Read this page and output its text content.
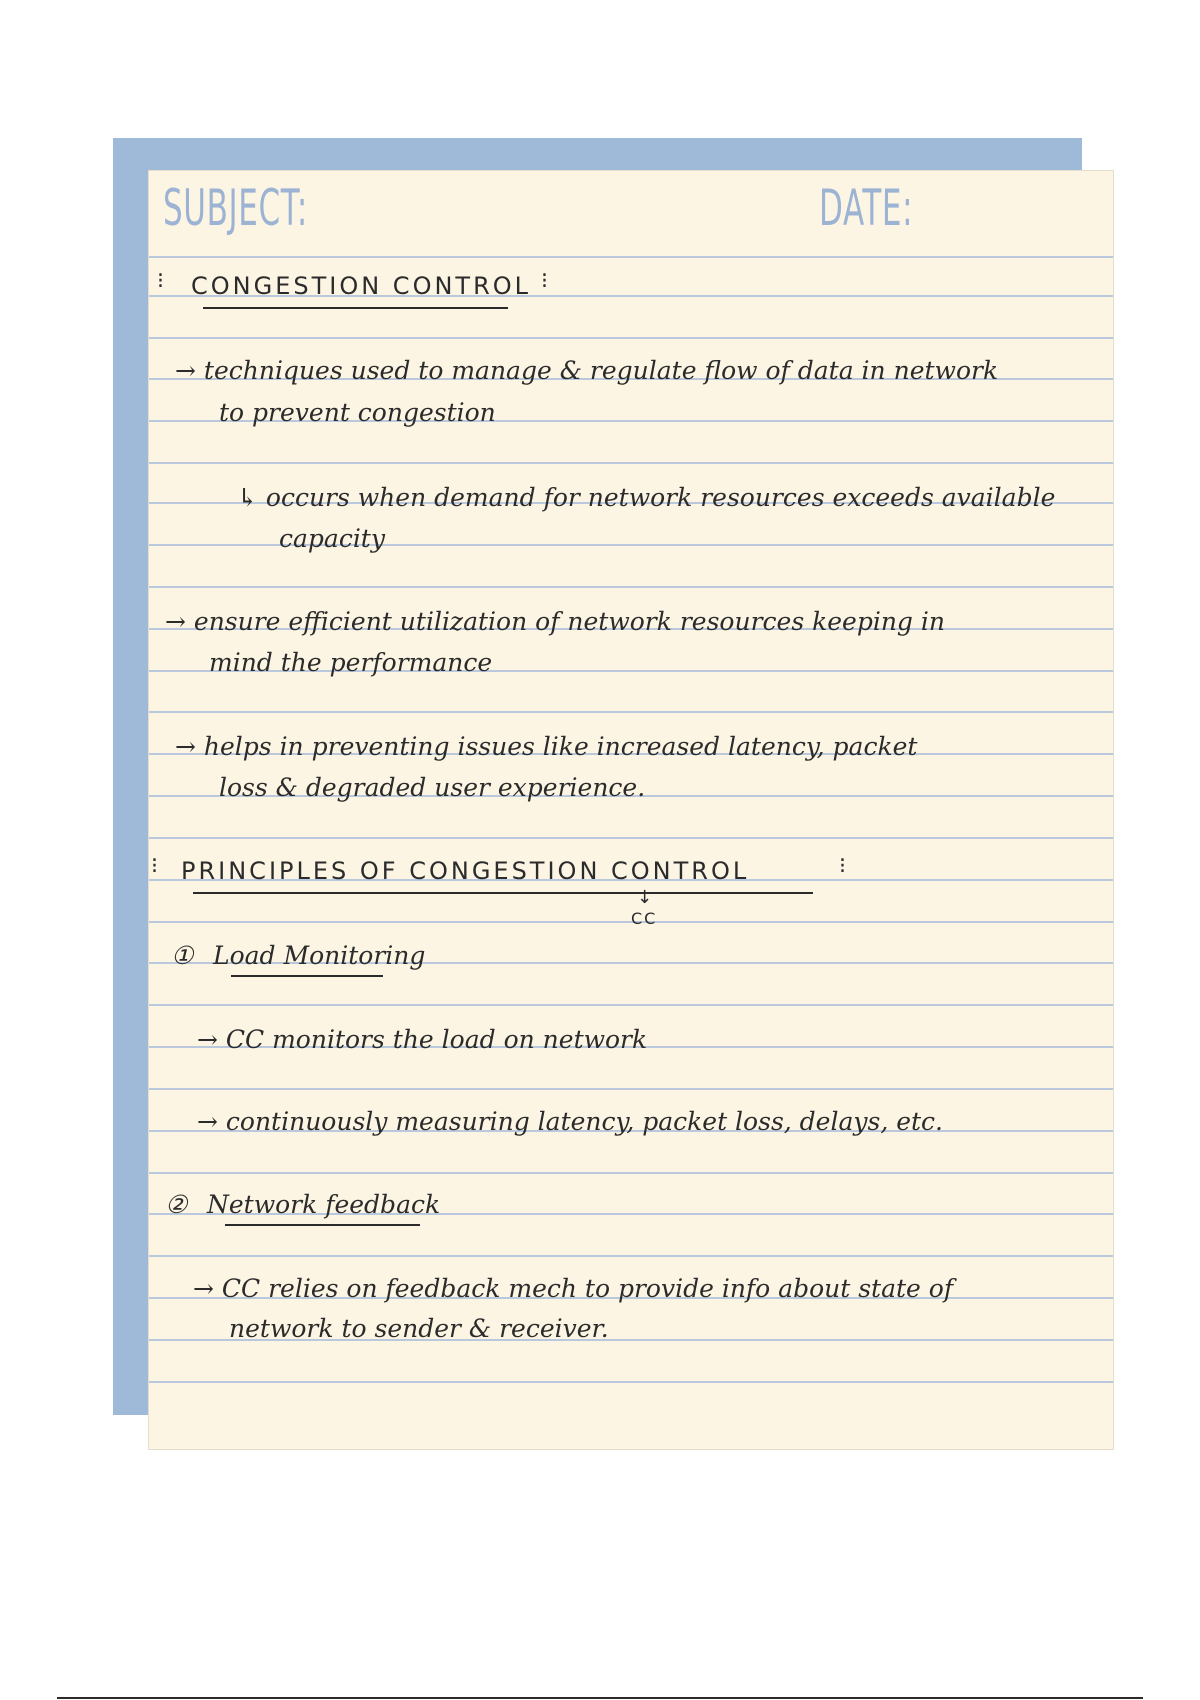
SUBJECT:	DATE:
⁝ CONGESTION CONTROL ⁝
→ techniques used to manage & regulate flow of data in network
to prevent congestion
↳ occurs when demand for network resources exceeds available
capacity
→ ensure efficient utilization of network resources keeping in
mind the performance
→ helps in preventing issues like increased latency, packet
loss & degraded user experience.
⁝ PRINCIPLES OF CONGESTION CONTROL	⁝
↓
CC
① Load Monitoring
→ CC monitors the load on network
→ continuously measuring latency, packet loss, delays, etc.
② Network feedback
→ CC relies on feedback mech to provide info about state of
network to sender & receiver.
